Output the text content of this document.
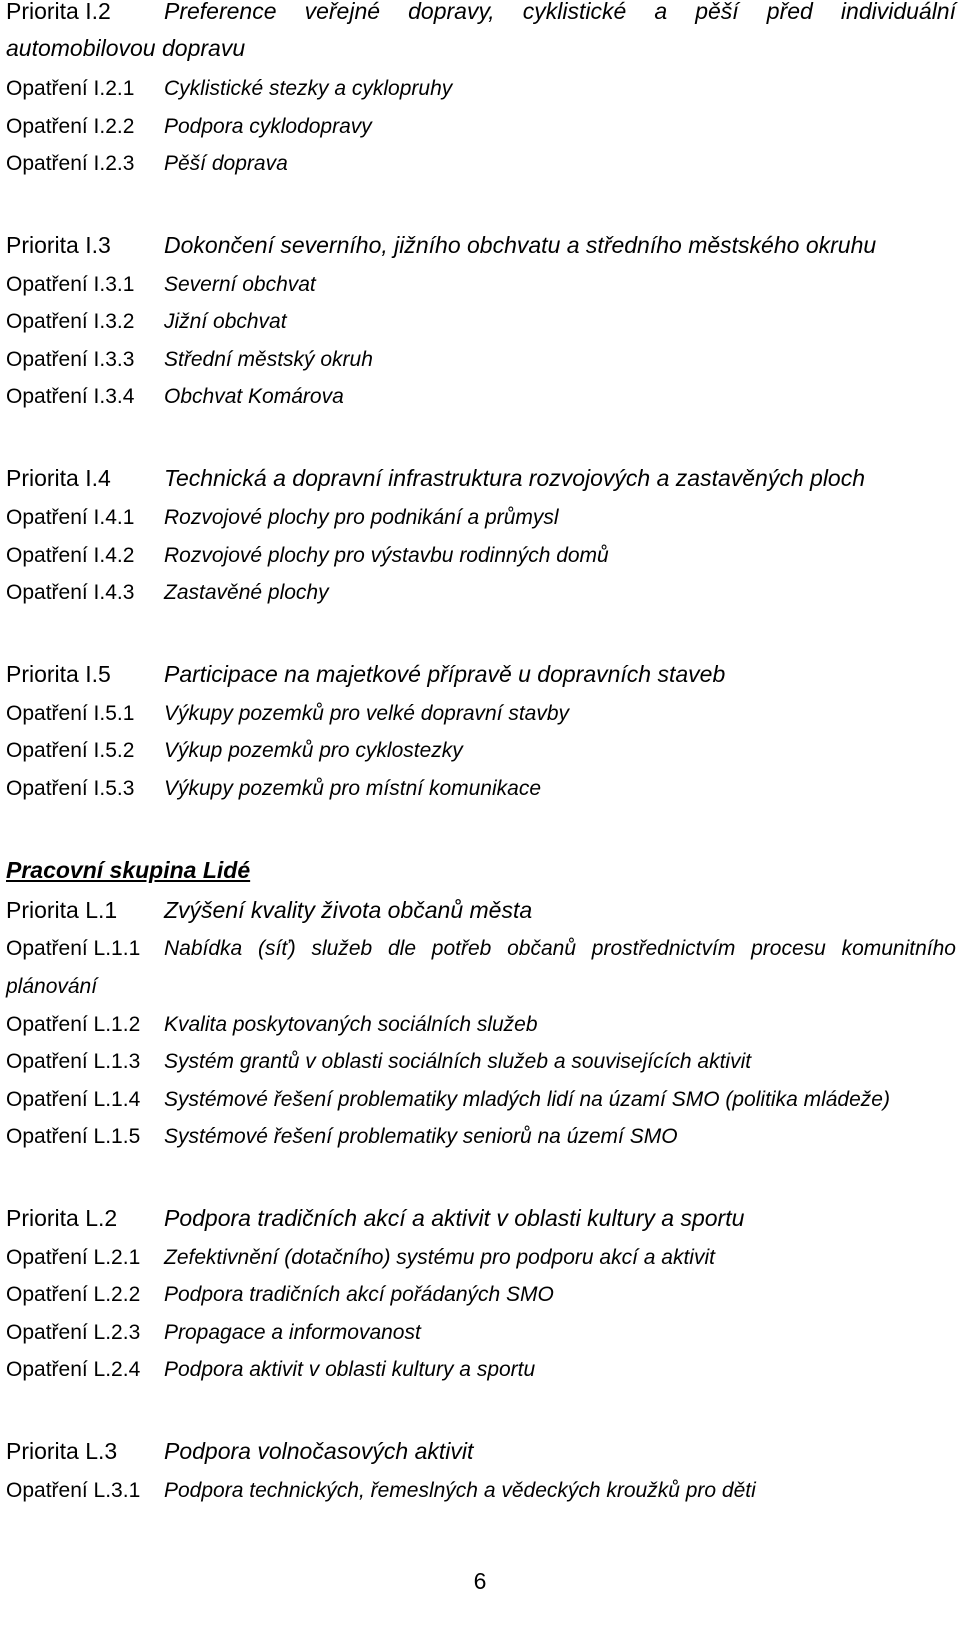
Priorita I.2 Preference veřejné dopravy, cyklistické a pěší před individuální
automobilovou dopravu
Opatření I.2.1 Cyklistické stezky a cyklopruhy
Opatření I.2.2 Podpora cyklodopravy
Opatření I.2.3 Pěší doprava
Priorita I.3 Dokončení severního, jižního obchvatu a středního městského okruhu
Opatření I.3.1 Severní obchvat
Opatření I.3.2 Jižní obchvat
Opatření I.3.3 Střední městský okruh
Opatření I.3.4 Obchvat Komárova
Priorita I.4 Technická a dopravní infrastruktura rozvojových a zastavěných ploch
Opatření I.4.1 Rozvojové plochy pro podnikání a průmysl
Opatření I.4.2 Rozvojové plochy pro výstavbu rodinných domů
Opatření I.4.3 Zastavěné plochy
Priorita I.5 Participace na majetkové přípravě u dopravních staveb
Opatření I.5.1 Výkupy pozemků pro velké dopravní stavby
Opatření I.5.2 Výkup pozemků pro cyklostezky
Opatření I.5.3 Výkupy pozemků pro místní komunikace
Pracovní skupina Lidé
Priorita L.1 Zvýšení kvality života občanů města
Opatření L.1.1 Nabídka (síť) služeb dle potřeb občanů prostřednictvím procesu komunitního
plánování
Opatření L.1.2 Kvalita poskytovaných sociálních služeb
Opatření L.1.3 Systém grantů v oblasti sociálních služeb a souvisejících aktivit
Opatření L.1.4 Systémové řešení problematiky mladých lidí na úzamí SMO (politika mládeže)
Opatření L.1.5 Systémové řešení problematiky seniorů na území SMO
Priorita L.2 Podpora tradičních akcí a aktivit v oblasti kultury a sportu
Opatření L.2.1 Zefektivnění (dotačního) systému pro podporu akcí a aktivit
Opatření L.2.2 Podpora tradičních akcí pořádaných SMO
Opatření L.2.3 Propagace a informovanost
Opatření L.2.4 Podpora aktivit v oblasti kultury a sportu
Priorita L.3 Podpora volnočasových aktivit
Opatření L.3.1 Podpora technických, řemeslných a vědeckých kroužků pro děti
6
